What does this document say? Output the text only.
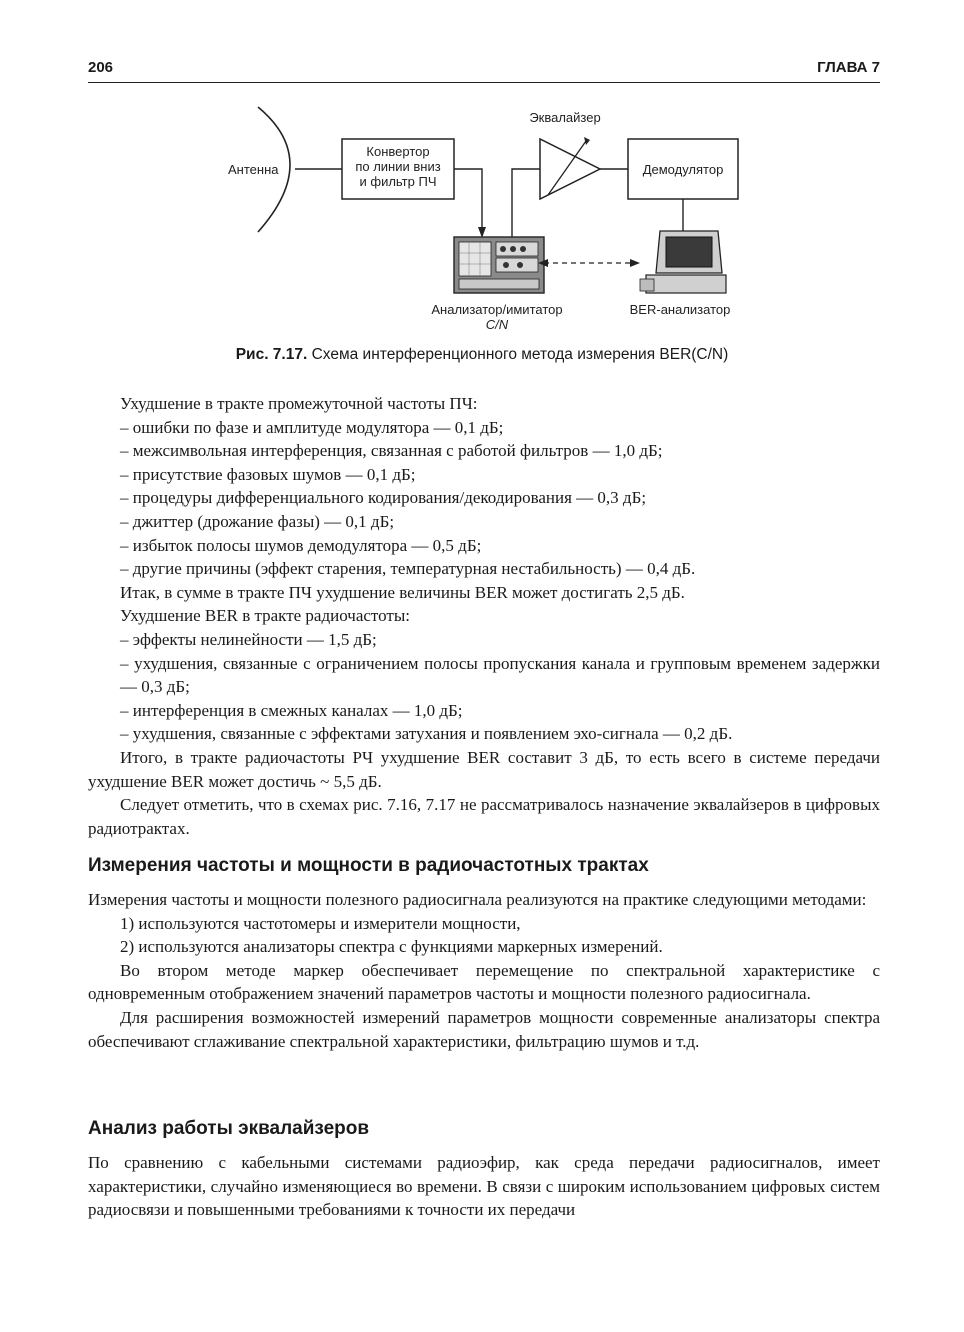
206	ГЛАВА 7
Антенна
Конвертор
по линии вниз
и фильтр ПЧ
Эквалайзер
Демодулятор
Анализатор/имитатор
C/N
BER-анализатор
Рис. 7.17. Схема интерференционного метода измерения BER(C/N)

Ухудшение в тракте промежуточной частоты ПЧ:

– ошибки по фазе и амплитуде модулятора — 0,1 дБ;

– межсимвольная интерференция, связанная с работой фильтров — 1,0 дБ;

– присутствие фазовых шумов — 0,1 дБ;

– процедуры дифференциального кодирования/декодирования — 0,3 дБ;

– джиттер (дрожание фазы) — 0,1 дБ;

– избыток полосы шумов демодулятора — 0,5 дБ;

– другие причины (эффект старения, температурная нестабильность) — 0,4 дБ.

Итак, в сумме в тракте ПЧ ухудшение величины BER может достигать 2,5 дБ.

Ухудшение BER в тракте радиочастоты:

– эффекты нелинейности — 1,5 дБ;

– ухудшения, связанные с ограничением полосы пропускания канала и групповым временем задержки — 0,3 дБ;

– интерференция в смежных каналах — 1,0 дБ;

– ухудшения, связанные с эффектами затухания и появлением эхо-сигнала — 0,2 дБ.

Итого, в тракте радиочастоты РЧ ухудшение BER составит 3 дБ, то есть всего в системе передачи ухудшение BER может достичь ~ 5,5 дБ.

Следует отметить, что в схемах рис. 7.16, 7.17 не рассматривалось назначение эквалайзеров в цифровых радиотрактах.

Измерения частоты и мощности в радиочастотных трактах

Измерения частоты и мощности полезного радиосигнала реализуются на практике следующими методами:

1) используются частотомеры и измерители мощности,

2) используются анализаторы спектра с функциями маркерных измерений.

Во втором методе маркер обеспечивает перемещение по спектральной характеристике с одновременным отображением значений параметров частоты и мощности полезного радиосигнала.

Для расширения возможностей измерений параметров мощности современные анализаторы спектра обеспечивают сглаживание спектральной характеристики, фильтрацию шумов и т.д.

Анализ работы эквалайзеров

По сравнению с кабельными системами радиоэфир, как среда передачи радиосигналов, имеет характеристики, случайно изменяющиеся во времени. В связи с широким использованием цифровых систем радиосвязи и повышенными требованиями к точности их передачи
